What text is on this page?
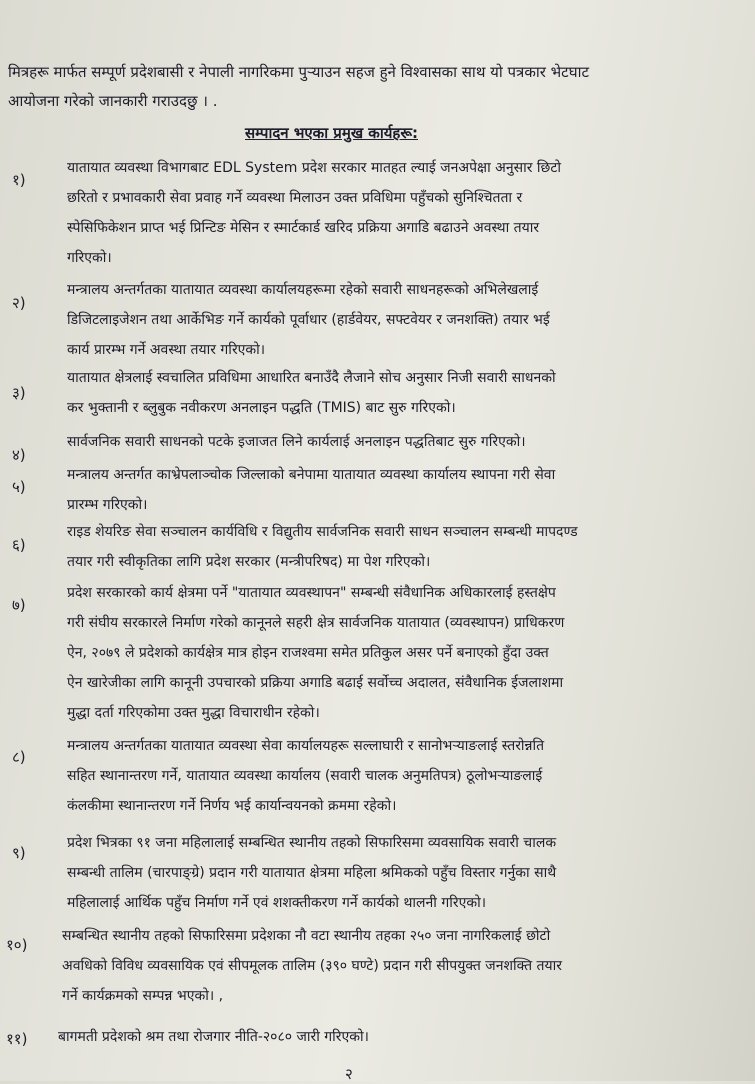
मित्रहरू मार्फत सम्पूर्ण प्रदेशबासी र नेपाली नागरिकमा पुऱ्याउन सहज हुने विश्वासका साथ यो पत्रकार भेटघाट
आयोजना गरेको जानकारी गराउदछु । .
सम्पादन भएका प्रमुख कार्यहरू:
१)
यातायात व्यवस्था विभागबाट EDL System प्रदेश सरकार मातहत ल्याई जनअपेक्षा अनुसार छिटो
छरितो र प्रभावकारी सेवा प्रवाह गर्ने व्यवस्था मिलाउन उक्त प्रविधिमा पहुँचको सुनिश्चितता र
स्पेसिफिकेशन प्राप्त भई प्रिन्टिङ मेसिन र स्मार्टकार्ड खरिद प्रक्रिया अगाडि बढाउने अवस्था तयार
गरिएको।
२)
मन्त्रालय अन्तर्गतका यातायात व्यवस्था कार्यालयहरूमा रहेको सवारी साधनहरूको अभिलेखलाई
डिजिटलाइजेशन तथा आर्केभिङ गर्ने कार्यको पूर्वाधार (हार्डवेयर, सफ्टवेयर र जनशक्ति) तयार भई
कार्य प्रारम्भ गर्ने अवस्था तयार गरिएको।
३)
यातायात क्षेत्रलाई स्वचालित प्रविधिमा आधारित बनाउँदै लैजाने सोच अनुसार निजी सवारी साधनको
कर भुक्तानी र ब्लुबुक नवीकरण अनलाइन पद्धति (TMIS) बाट सुरु गरिएको।
४)
सार्वजनिक सवारी साधनको पटके इजाजत लिने कार्यलाई अनलाइन पद्धतिबाट सुरु गरिएको।
५)
मन्त्रालय अन्तर्गत काभ्रेपलाञ्चोक जिल्लाको बनेपामा यातायात व्यवस्था कार्यालय स्थापना गरी सेवा
प्रारम्भ गरिएको।
६)
राइड शेयरिङ सेवा सञ्चालन कार्यविधि र विद्युतीय सार्वजनिक सवारी साधन सञ्चालन सम्बन्धी मापदण्ड
तयार गरी स्वीकृतिका लागि प्रदेश सरकार (मन्त्रीपरिषद) मा पेश गरिएको।
७)
प्रदेश सरकारको कार्य क्षेत्रमा पर्ने "यातायात व्यवस्थापन" सम्बन्धी संवैधानिक अधिकारलाई हस्तक्षेप
गरी संघीय सरकारले निर्माण गरेको कानूनले सहरी क्षेत्र सार्वजनिक यातायात (व्यवस्थापन) प्राधिकरण
ऐन, २०७९ ले प्रदेशको कार्यक्षेत्र मात्र होइन राजश्वमा समेत प्रतिकुल असर पर्ने बनाएको हुँदा उक्त
ऐन खारेजीका लागि कानूनी उपचारको प्रक्रिया अगाडि बढाई सर्वोच्च अदालत, संवैधानिक ईजलाशमा
मुद्धा दर्ता गरिएकोमा उक्त मुद्धा विचाराधीन रहेको।
८)
मन्त्रालय अन्तर्गतका यातायात व्यवस्था सेवा कार्यालयहरू सल्लाघारी र सानोभऱ्याङलाई स्तरोन्नति
सहित स्थानान्तरण गर्ने, यातायात व्यवस्था कार्यालय (सवारी चालक अनुमतिपत्र) ठूलोभऱ्याङलाई
कंलकीमा स्थानान्तरण गर्ने निर्णय भई कार्यान्वयनको क्रममा रहेको।
९)
प्रदेश भित्रका ९१ जना महिलालाई सम्बन्धित स्थानीय तहको सिफारिसमा व्यवसायिक सवारी चालक
सम्बन्धी तालिम (चारपाङ्ग्रे) प्रदान गरी यातायात क्षेत्रमा महिला श्रमिकको पहुँच विस्तार गर्नुका साथै
महिलालाई आर्थिक पहुँच निर्माण गर्ने एवं शशक्तीकरण गर्ने कार्यको थालनी गरिएको।
१०)	सम्बन्धित स्थानीय तहको सिफारिसमा प्रदेशका नौ वटा स्थानीय तहका २५० जना नागरिकलाई छोटो
अवधिको विविध व्यवसायिक एवं सीपमूलक तालिम (३९० घण्टे) प्रदान गरी सीपयुक्त जनशक्ति तयार
गर्ने कार्यक्रमको सम्पन्न भएको। ,
११)	बागमती प्रदेशको श्रम तथा रोजगार नीति-२०८० जारी गरिएको।
२
